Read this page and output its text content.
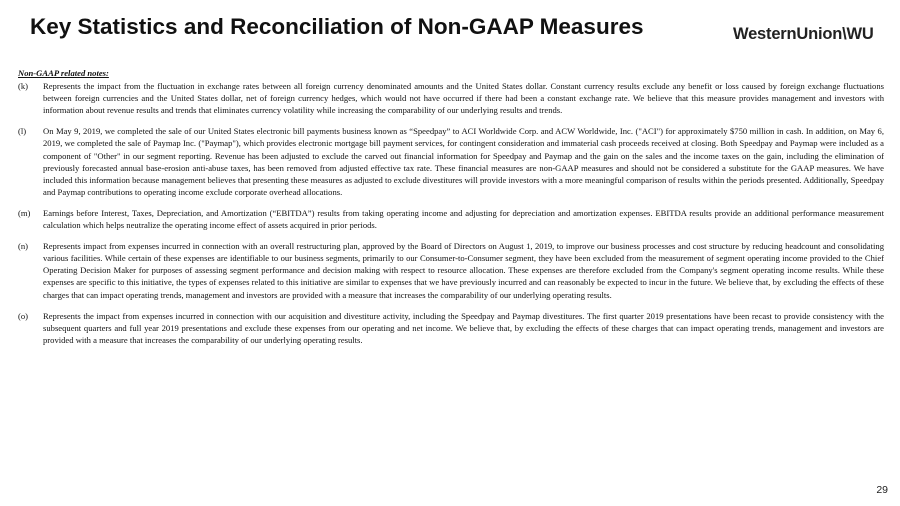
Key Statistics and Reconciliation of Non-GAAP Measures	WesternUnion\WU
Non-GAAP related notes:
(k)	Represents the impact from the fluctuation in exchange rates between all foreign currency denominated amounts and the United States dollar. Constant currency results exclude any benefit or loss caused by foreign exchange fluctuations between foreign currencies and the United States dollar, net of foreign currency hedges, which would not have occurred if there had been a constant exchange rate. We believe that this measure provides management and investors with information about revenue results and trends that eliminates currency volatility while increasing the comparability of our underlying results and trends.
(l)	On May 9, 2019, we completed the sale of our United States electronic bill payments business known as “Speedpay” to ACI Worldwide Corp. and ACW Worldwide, Inc. ("ACI") for approximately $750 million in cash. In addition, on May 6, 2019, we completed the sale of Paymap Inc. ("Paymap"), which provides electronic mortgage bill payment services, for contingent consideration and immaterial cash proceeds received at closing. Both Speedpay and Paymap were included as a component of "Other" in our segment reporting. Revenue has been adjusted to exclude the carved out financial information for Speedpay and Paymap and the gain on the sales and the income taxes on the gain, including the elimination of previously forecasted annual base-erosion anti-abuse taxes, has been removed from adjusted effective tax rate. These financial measures are non-GAAP measures and should not be considered a substitute for the GAAP measures. We have included this information because management believes that presenting these measures as adjusted to exclude divestitures will provide investors with a more meaningful comparison of results within the periods presented. Additionally, Speedpay and Paymap contributions to operating income exclude corporate overhead allocations.
(m)	Earnings before Interest, Taxes, Depreciation, and Amortization (“EBITDA”) results from taking operating income and adjusting for depreciation and amortization expenses. EBITDA results provide an additional performance measurement calculation which helps neutralize the operating income effect of assets acquired in prior periods.
(n)	Represents impact from expenses incurred in connection with an overall restructuring plan, approved by the Board of Directors on August 1, 2019, to improve our business processes and cost structure by reducing headcount and consolidating various facilities. While certain of these expenses are identifiable to our business segments, primarily to our Consumer-to-Consumer segment, they have been excluded from the measurement of segment operating income provided to the Chief Operating Decision Maker for purposes of assessing segment performance and decision making with respect to resource allocation. These expenses are therefore excluded from the Company's segment operating income results. While these expenses are specific to this initiative, the types of expenses related to this initiative are similar to expenses that we have previously incurred and can reasonably be expected to incur in the future. We believe that, by excluding the effects of these charges that can impact operating trends, management and investors are provided with a measure that increases the comparability of our underlying operating results.
(o)	Represents the impact from expenses incurred in connection with our acquisition and divestiture activity, including the Speedpay and Paymap divestitures. The first quarter 2019 presentations have been recast to provide consistency with the subsequent quarters and full year 2019 presentations and exclude these expenses from our operating and net income. We believe that, by excluding the effects of these charges that can impact operating trends, management and investors are provided with a measure that increases the comparability of our underlying operating results.
29
